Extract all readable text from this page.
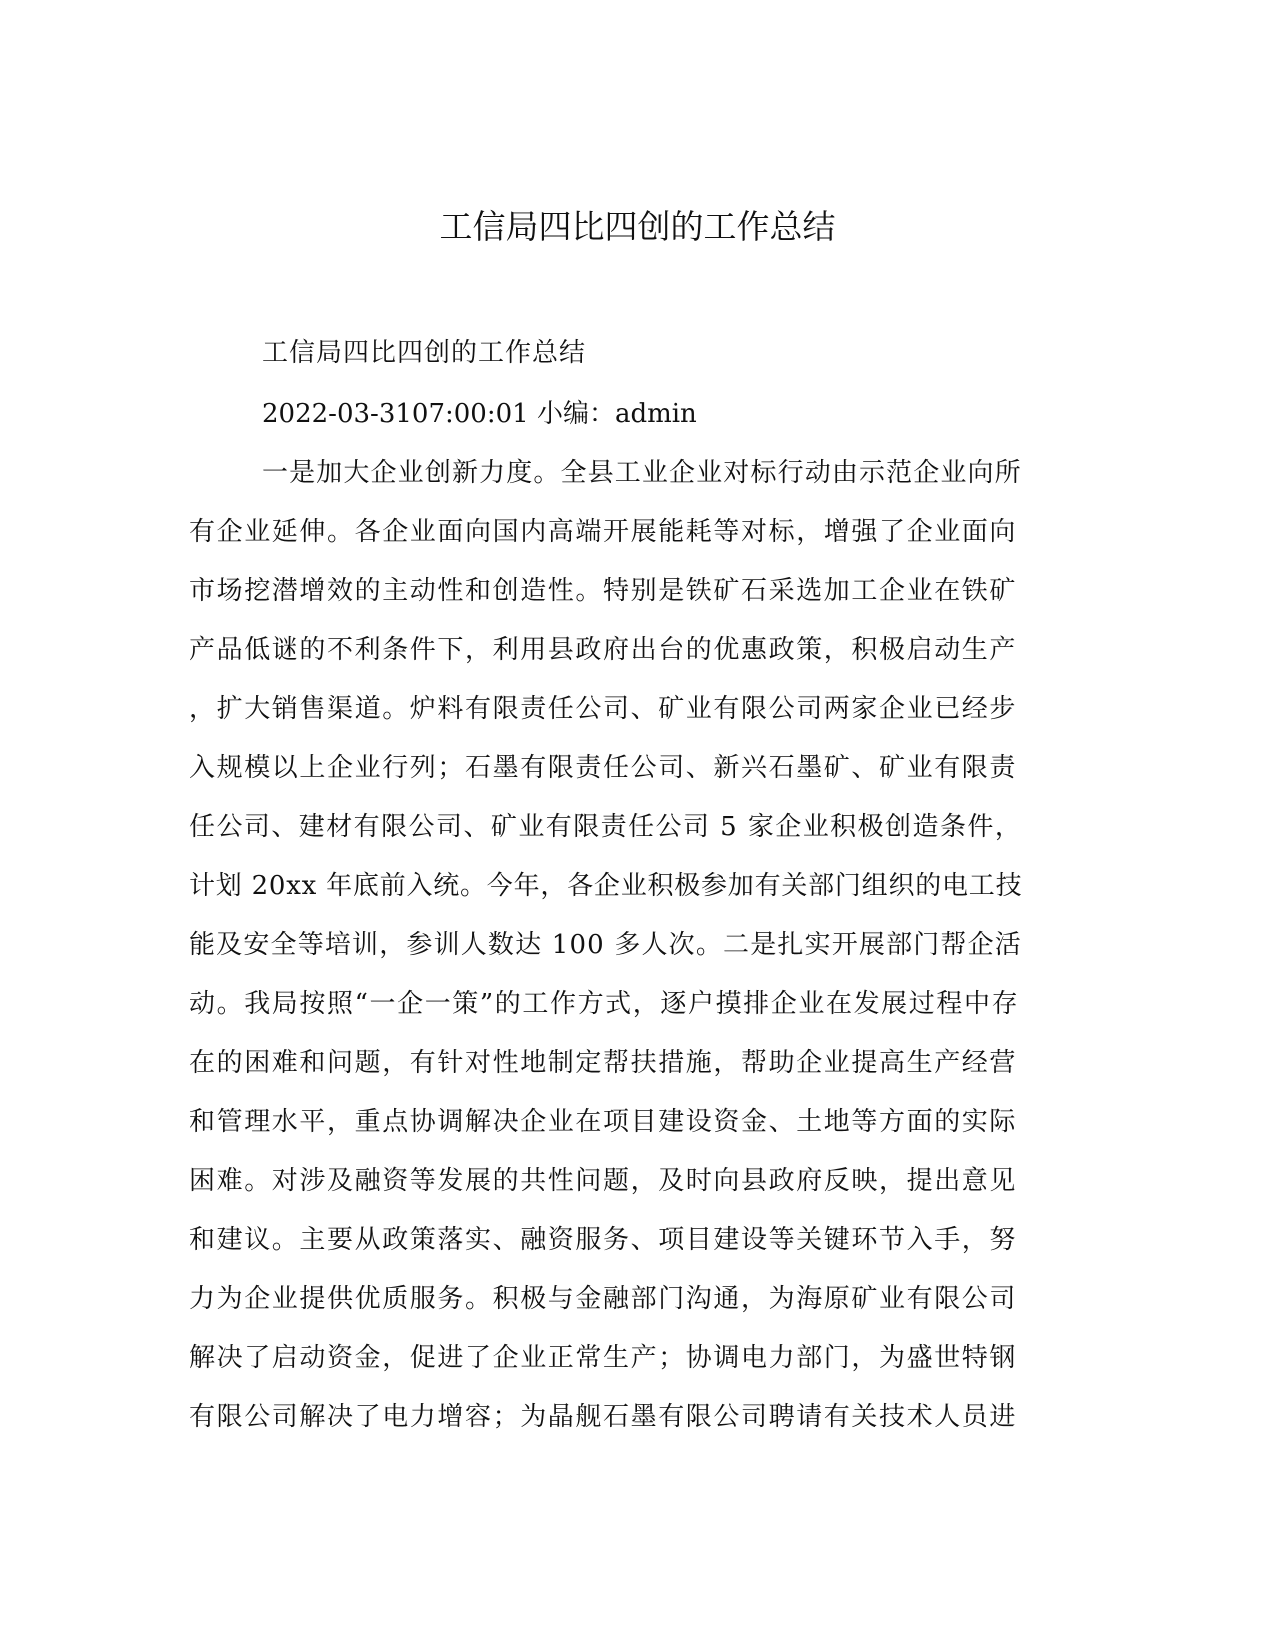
工信局四比四创的工作总结
工信局四比四创的工作总结
2022-03-3107:00:01 小编：admin
一是加大企业创新力度。全县工业企业对标行动由示范企业向所
有企业延伸。各企业面向国内高端开展能耗等对标，增强了企业面向
市场挖潜增效的主动性和创造性。特别是铁矿石采选加工企业在铁矿
产品低谜的不利条件下，利用县政府出台的优惠政策，积极启动生产
，扩大销售渠道。炉料有限责任公司、矿业有限公司两家企业已经步
入规模以上企业行列；石墨有限责任公司、新兴石墨矿、矿业有限责
任公司、建材有限公司、矿业有限责任公司 5 家企业积极创造条件，
计划 20xx 年底前入统。今年，各企业积极参加有关部门组织的电工技
能及安全等培训，参训人数达 100 多人次。二是扎实开展部门帮企活
动。我局按照“一企一策”的工作方式，逐户摸排企业在发展过程中存
在的困难和问题，有针对性地制定帮扶措施，帮助企业提高生产经营
和管理水平，重点协调解决企业在项目建设资金、土地等方面的实际
困难。对涉及融资等发展的共性问题，及时向县政府反映，提出意见
和建议。主要从政策落实、融资服务、项目建设等关键环节入手，努
力为企业提供优质服务。积极与金融部门沟通，为海原矿业有限公司
解决了启动资金，促进了企业正常生产；协调电力部门，为盛世特钢
有限公司解决了电力增容；为晶舰石墨有限公司聘请有关技术人员进
